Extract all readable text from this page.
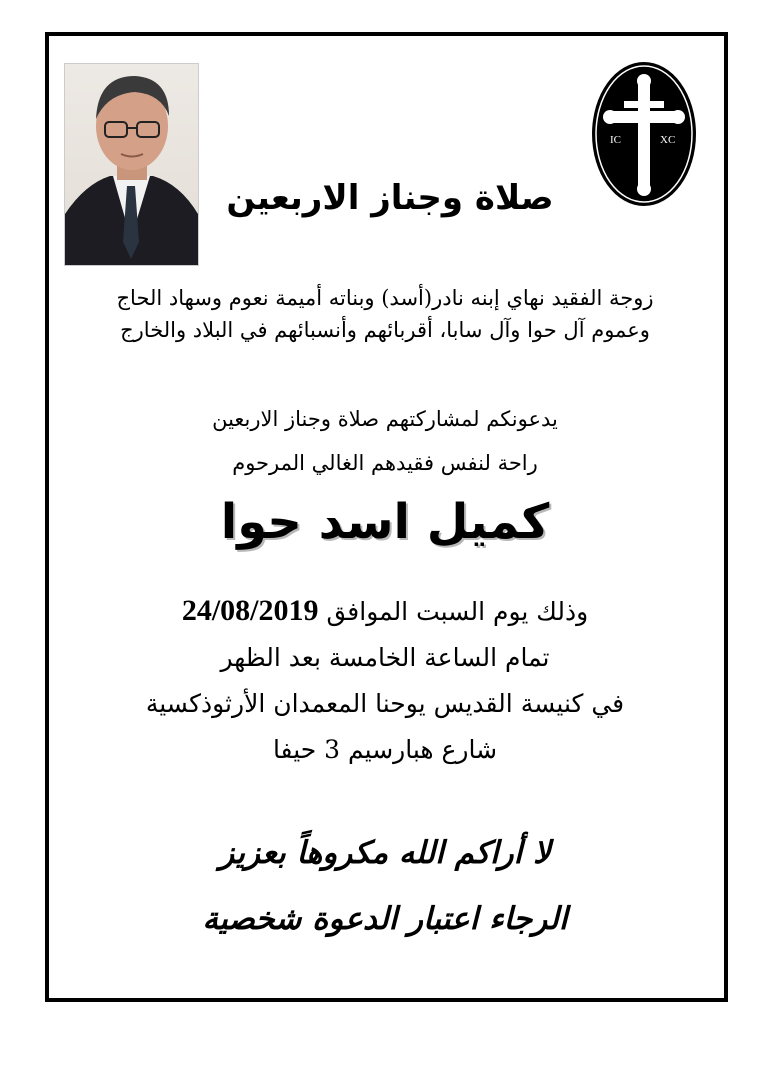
IC	XC
صلاة وجناز الاربعين
زوجة الفقيد نهاي إبنه نادر(أسد) وبناته أميمة نعوم وسهاد الحاج
وعموم آل حوا وآل سابا، أقربائهم وأنسبائهم في البلاد والخارج
يدعونكم لمشاركتهم صلاة وجناز الاربعين
راحة لنفس فقيدهم الغالي المرحوم
كميل اسد حوا
وذلك يوم السبت الموافق 24/08/2019
تمام الساعة الخامسة بعد الظهر
في كنيسة القديس يوحنا المعمدان الأرثوذكسية
شارع هبارسيم 3 حيفا
لا أراكم الله مكروهاً بعزيز
الرجاء اعتبار الدعوة شخصية
